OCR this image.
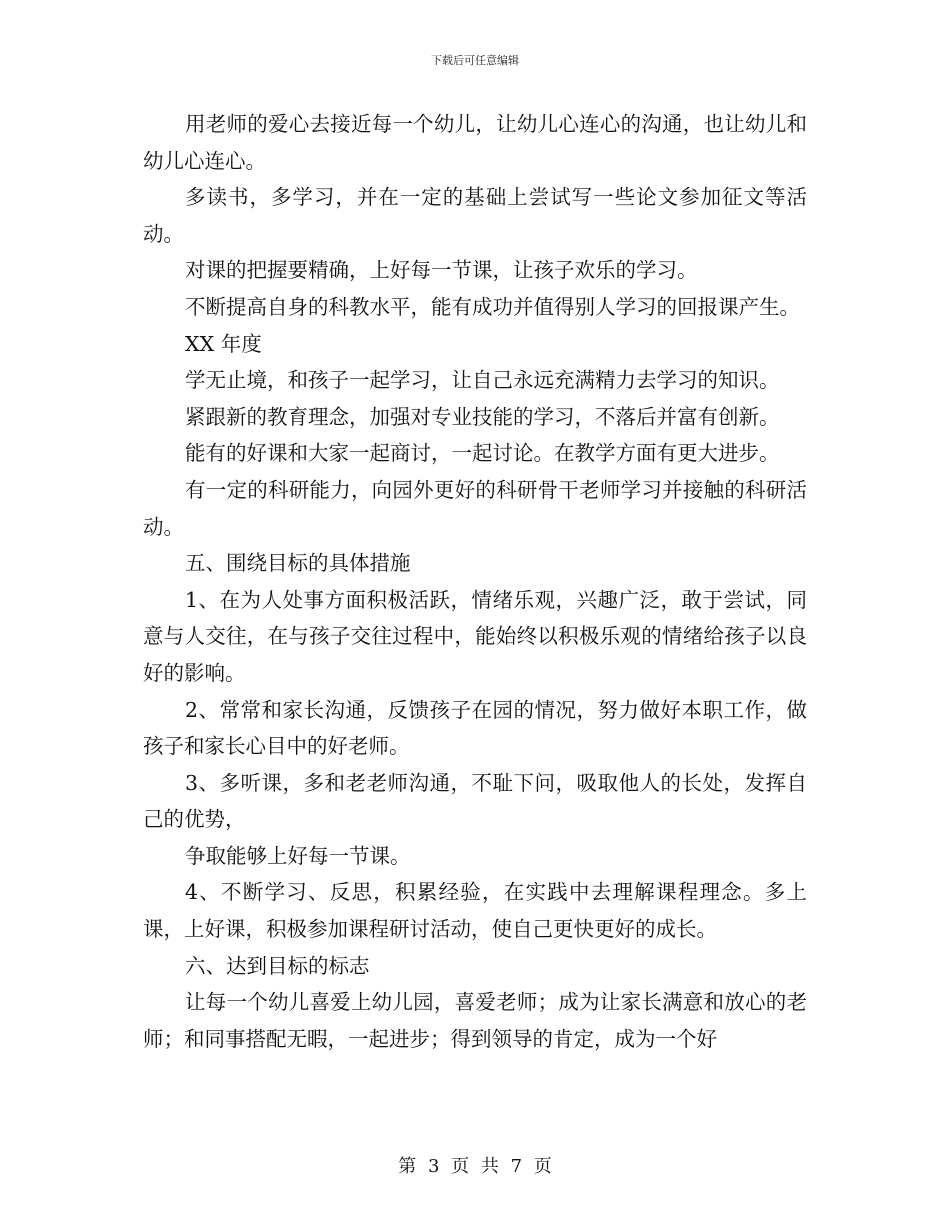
下载后可任意编辑

用老师的爱心去接近每一个幼儿，让幼儿心连心的沟通，也让幼儿和幼儿心连心。

多读书，多学习，并在一定的基础上尝试写一些论文参加征文等活动。

对课的把握要精确，上好每一节课，让孩子欢乐的学习。

不断提高自身的科教水平，能有成功并值得别人学习的回报课产生。

XX 年度

学无止境，和孩子一起学习，让自己永远充满精力去学习的知识。

紧跟新的教育理念，加强对专业技能的学习，不落后并富有创新。

能有的好课和大家一起商讨，一起讨论。在教学方面有更大进步。

有一定的科研能力，向园外更好的科研骨干老师学习并接触的科研活动。

五、围绕目标的具体措施

1、在为人处事方面积极活跃，情绪乐观，兴趣广泛，敢于尝试，同意与人交往，在与孩子交往过程中，能始终以积极乐观的情绪给孩子以良好的影响。

2、常常和家长沟通，反馈孩子在园的情况，努力做好本职工作，做孩子和家长心目中的好老师。

3、多听课，多和老老师沟通，不耻下问，吸取他人的长处，发挥自己的优势，

争取能够上好每一节课。

4、不断学习、反思，积累经验，在实践中去理解课程理念。多上课，上好课，积极参加课程研讨活动，使自己更快更好的成长。

六、达到目标的标志

让每一个幼儿喜爱上幼儿园，喜爱老师；成为让家长满意和放心的老师；和同事搭配无暇，一起进步；得到领导的肯定，成为一个好

第 3 页 共 7 页
